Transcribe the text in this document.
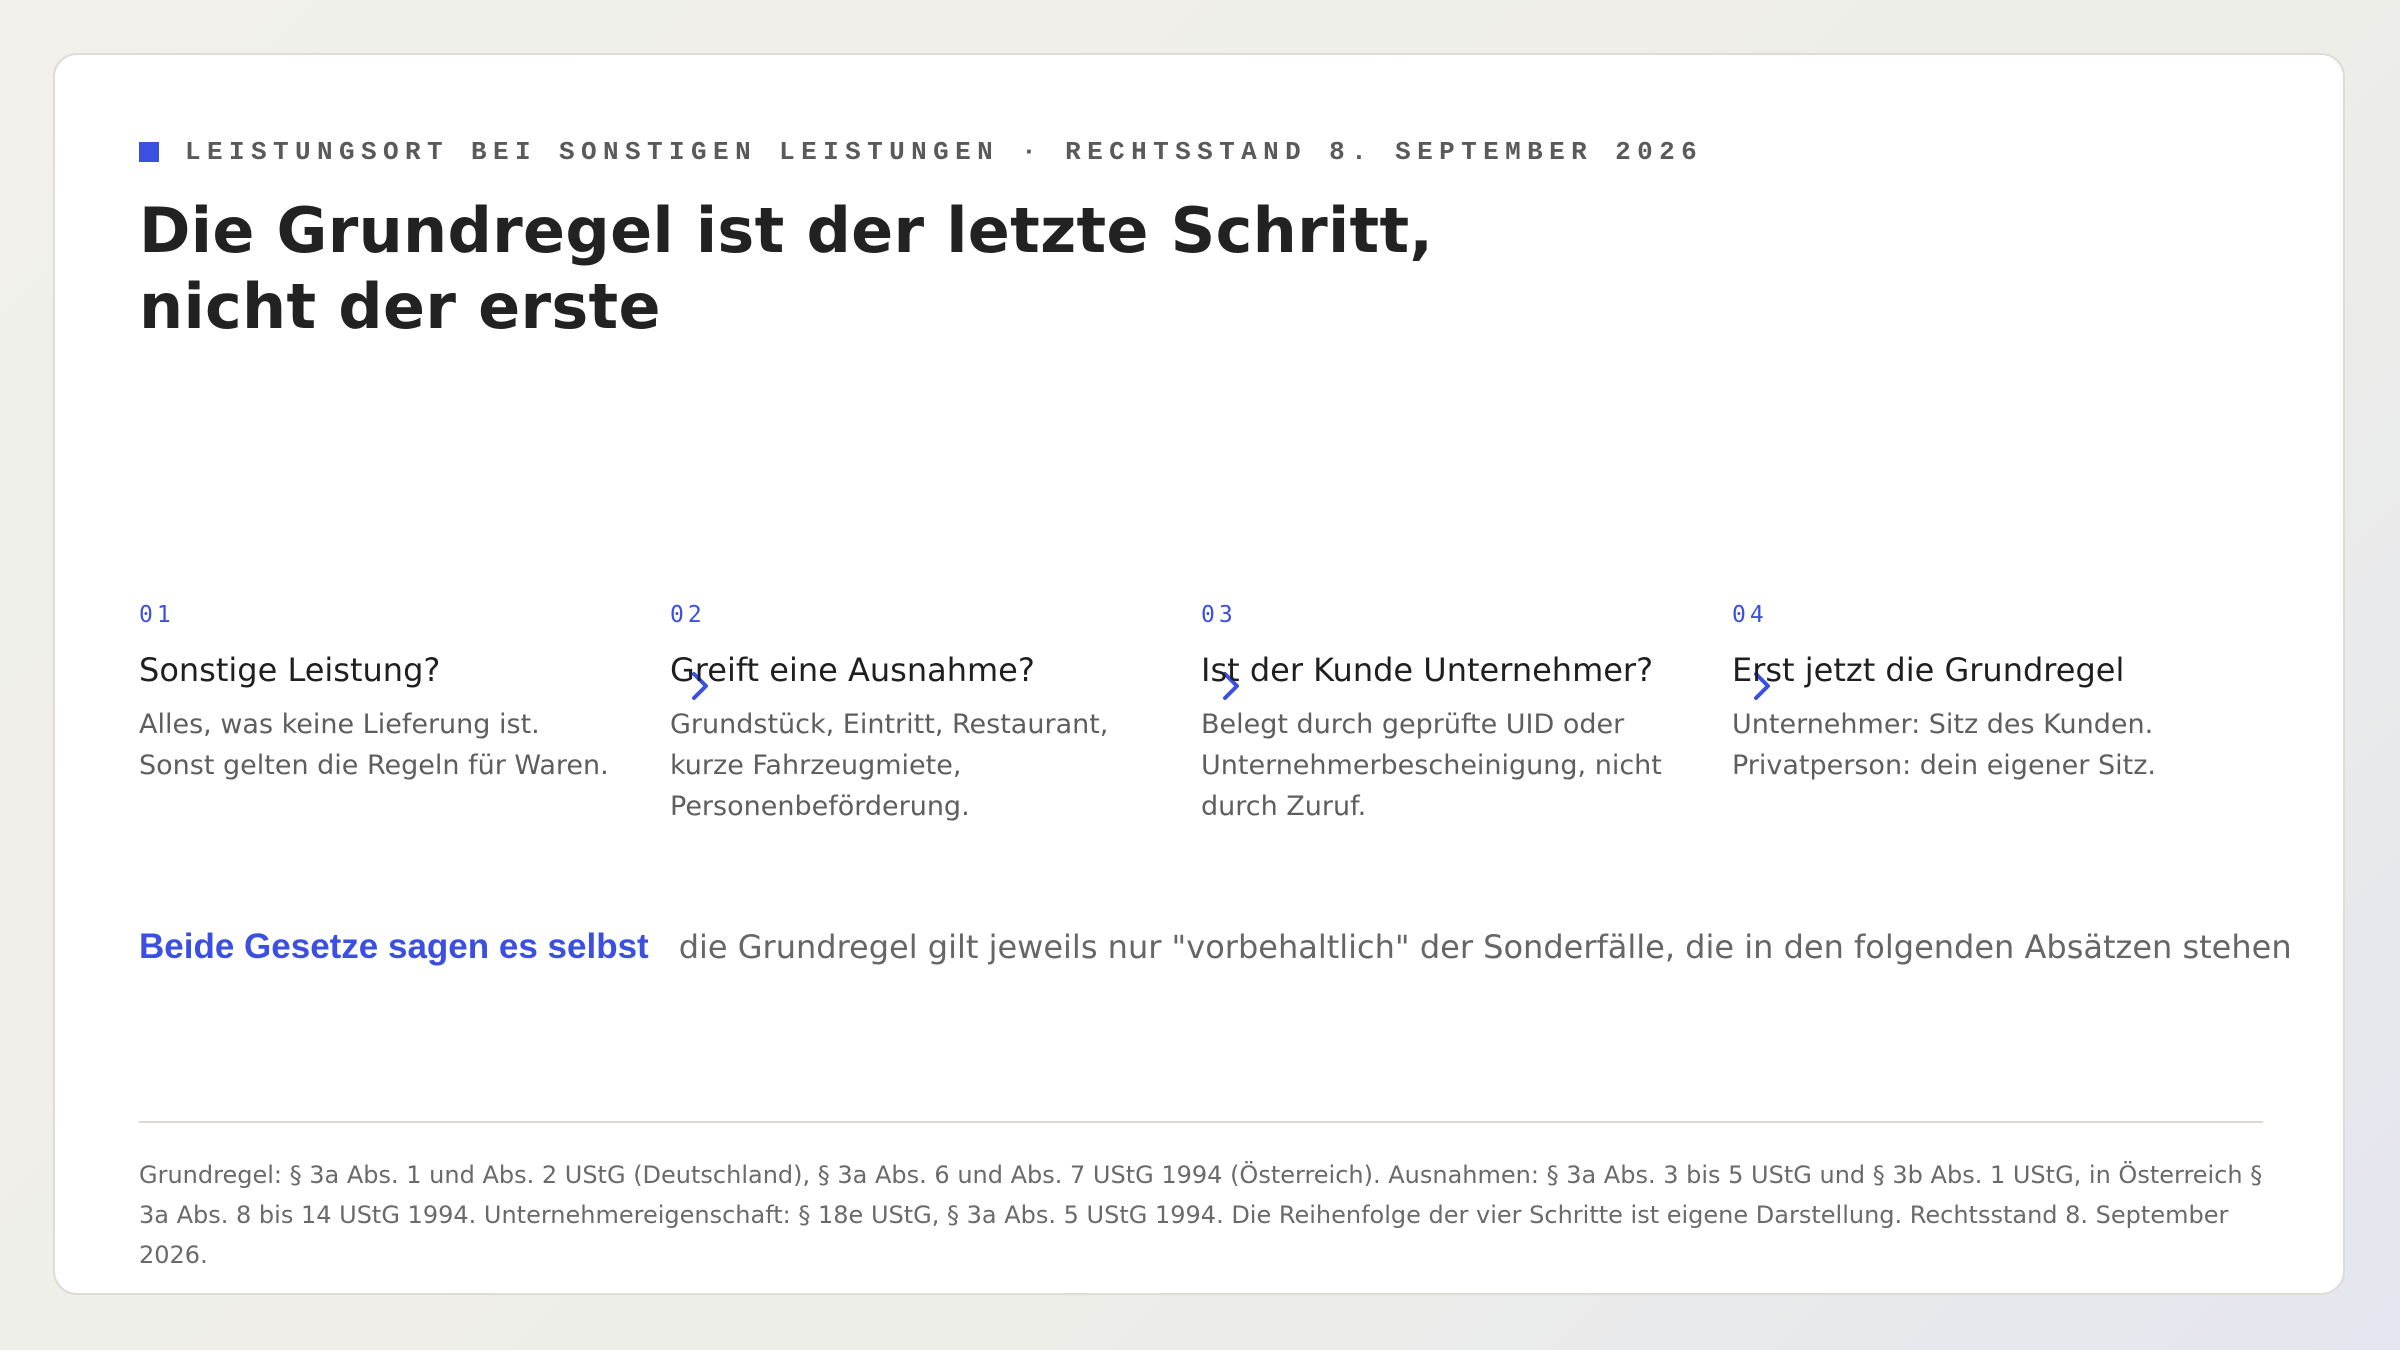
LEISTUNGSORT BEI SONSTIGEN LEISTUNGEN · RECHTSSTAND 8. SEPTEMBER 2026
Die Grundregel ist der letzte Schritt,
nicht der erste
01
Sonstige Leistung?
Alles, was keine Lieferung ist. Sonst gelten die Regeln für Waren.
02
Greift eine Ausnahme?
Grundstück, Eintritt, Restaurant, kurze Fahrzeugmiete, Personenbeförderung.
03
Ist der Kunde Unternehmer?
Belegt durch geprüfte UID oder Unternehmerbescheinigung, nicht durch Zuruf.
04
Erst jetzt die Grundregel
Unternehmer: Sitz des Kunden. Privatperson: dein eigener Sitz.
Beide Gesetze sagen es selbst die Grundregel gilt jeweils nur "vorbehaltlich" der Sonderfälle, die in den folgenden Absätzen stehen

Grundregel: § 3a Abs. 1 und Abs. 2 UStG (Deutschland), § 3a Abs. 6 und Abs. 7 UStG 1994 (Österreich). Ausnahmen: § 3a Abs. 3 bis 5 UStG und § 3b Abs. 1 UStG, in Österreich § 3a Abs. 8 bis 14 UStG 1994. Unternehmereigenschaft: § 18e UStG, § 3a Abs. 5 UStG 1994. Die Reihenfolge der vier Schritte ist eigene Darstellung. Rechtsstand 8. September 2026.
